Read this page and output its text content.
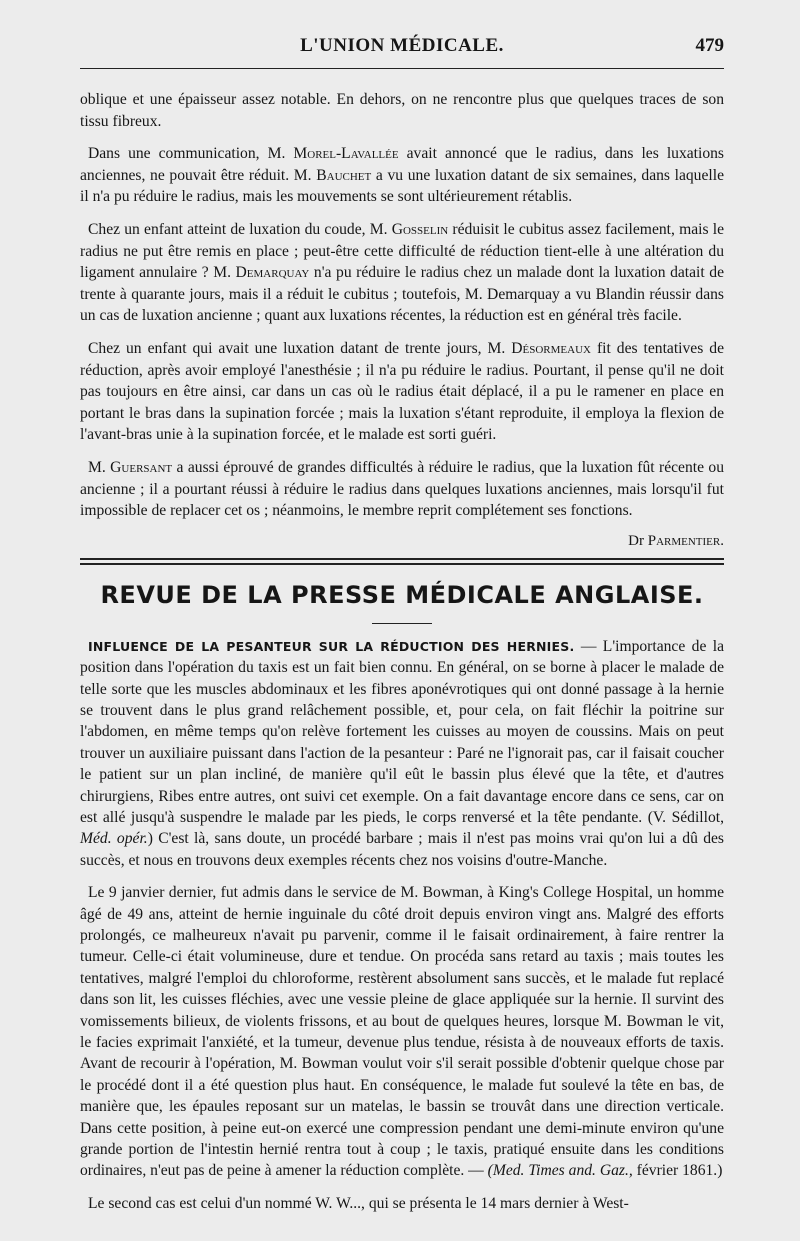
L'UNION MÉDICALE.	479

oblique et une épaisseur assez notable. En dehors, on ne rencontre plus que quelques traces de son tissu fibreux.

Dans une communication, M. Morel-Lavallée avait annoncé que le radius, dans les luxations anciennes, ne pouvait être réduit. M. Bauchet a vu une luxation datant de six semaines, dans laquelle il n'a pu réduire le radius, mais les mouvements se sont ultérieurement rétablis.

Chez un enfant atteint de luxation du coude, M. Gosselin réduisit le cubitus assez facilement, mais le radius ne put être remis en place ; peut-être cette difficulté de réduction tient-elle à une altération du ligament annulaire ? M. Demarquay n'a pu réduire le radius chez un malade dont la luxation datait de trente à quarante jours, mais il a réduit le cubitus ; toutefois, M. Demarquay a vu Blandin réussir dans un cas de luxation ancienne ; quant aux luxations récentes, la réduction est en général très facile.

Chez un enfant qui avait une luxation datant de trente jours, M. Désormeaux fit des tentatives de réduction, après avoir employé l'anesthésie ; il n'a pu réduire le radius. Pourtant, il pense qu'il ne doit pas toujours en être ainsi, car dans un cas où le radius était déplacé, il a pu le ramener en place en portant le bras dans la supination forcée ; mais la luxation s'étant reproduite, il employa la flexion de l'avant-bras unie à la supination forcée, et le malade est sorti guéri.

M. Guersant a aussi éprouvé de grandes difficultés à réduire le radius, que la luxation fût récente ou ancienne ; il a pourtant réussi à réduire le radius dans quelques luxations anciennes, mais lorsqu'il fut impossible de replacer cet os ; néanmoins, le membre reprit complétement ses fonctions.

Dr Parmentier.
REVUE DE LA PRESSE MÉDICALE ANGLAISE.

INFLUENCE DE LA PESANTEUR SUR LA RÉDUCTION DES HERNIES. — L'importance de la position dans l'opération du taxis est un fait bien connu. En général, on se borne à placer le malade de telle sorte que les muscles abdominaux et les fibres aponévrotiques qui ont donné passage à la hernie se trouvent dans le plus grand relâchement possible, et, pour cela, on fait fléchir la poitrine sur l'abdomen, en même temps qu'on relève fortement les cuisses au moyen de coussins. Mais on peut trouver un auxiliaire puissant dans l'action de la pesanteur : Paré ne l'ignorait pas, car il faisait coucher le patient sur un plan incliné, de manière qu'il eût le bassin plus élevé que la tête, et d'autres chirurgiens, Ribes entre autres, ont suivi cet exemple. On a fait davantage encore dans ce sens, car on est allé jusqu'à suspendre le malade par les pieds, le corps renversé et la tête pendante. (V. Sédillot, Méd. opér.) C'est là, sans doute, un procédé barbare ; mais il n'est pas moins vrai qu'on lui a dû des succès, et nous en trouvons deux exemples récents chez nos voisins d'outre-Manche.

Le 9 janvier dernier, fut admis dans le service de M. Bowman, à King's College Hospital, un homme âgé de 49 ans, atteint de hernie inguinale du côté droit depuis environ vingt ans. Malgré des efforts prolongés, ce malheureux n'avait pu parvenir, comme il le faisait ordinairement, à faire rentrer la tumeur. Celle-ci était volumineuse, dure et tendue. On procéda sans retard au taxis ; mais toutes les tentatives, malgré l'emploi du chloroforme, restèrent absolument sans succès, et le malade fut replacé dans son lit, les cuisses fléchies, avec une vessie pleine de glace appliquée sur la hernie. Il survint des vomissements bilieux, de violents frissons, et au bout de quelques heures, lorsque M. Bowman le vit, le facies exprimait l'anxiété, et la tumeur, devenue plus tendue, résista à de nouveaux efforts de taxis. Avant de recourir à l'opération, M. Bowman voulut voir s'il serait possible d'obtenir quelque chose par le procédé dont il a été question plus haut. En conséquence, le malade fut soulevé la tête en bas, de manière que, les épaules reposant sur un matelas, le bassin se trouvât dans une direction verticale. Dans cette position, à peine eut-on exercé une compression pendant une demi-minute environ qu'une grande portion de l'intestin hernié rentra tout à coup ; le taxis, pratiqué ensuite dans les conditions ordinaires, n'eut pas de peine à amener la réduction complète. — (Med. Times and. Gaz., février 1861.)

Le second cas est celui d'un nommé W. W..., qui se présenta le 14 mars dernier à West-
